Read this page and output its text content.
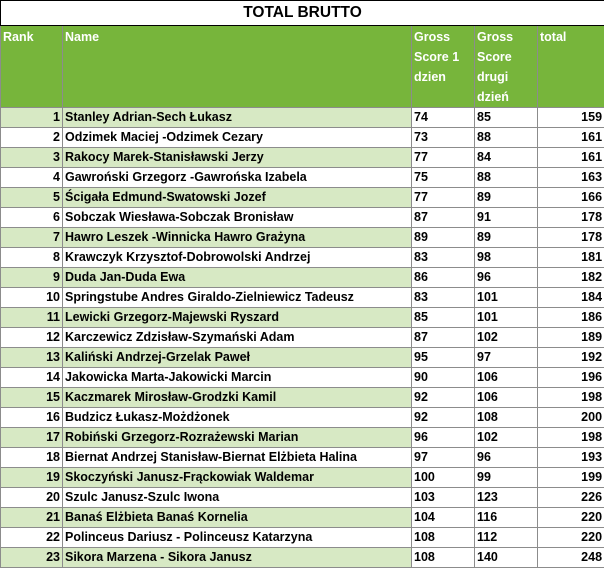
TOTAL BRUTTO				
Rank	Name	Gross Score 1 dzien	Gross Score drugi dzień	total
1	Stanley Adrian-Sech Łukasz	74	85	159
2	Odzimek Maciej -Odzimek Cezary	73	88	161
3	Rakocy Marek-Stanisławski Jerzy	77	84	161
4	Gawroński Grzegorz -Gawrońska Izabela	75	88	163
5	Ścigała Edmund-Swatowski Jozef	77	89	166
6	Sobczak Wiesława-Sobczak Bronisław	87	91	178
7	Hawro Leszek -Winnicka Hawro Grażyna	89	89	178
8	Krawczyk Krzysztof-Dobrowolski Andrzej	83	98	181
9	Duda Jan-Duda Ewa	86	96	182
10	Springstube Andres Giraldo-Zielniewicz Tadeusz	83	101	184
11	Lewicki Grzegorz-Majewski Ryszard	85	101	186
12	Karczewicz Zdzisław-Szymański Adam	87	102	189
13	Kaliński Andrzej-Grzelak Paweł	95	97	192
14	Jakowicka Marta-Jakowicki Marcin	90	106	196
15	Kaczmarek Mirosław-Grodzki Kamil	92	106	198
16	Budzicz Łukasz-Możdżonek	92	108	200
17	Robiński Grzegorz-Rozrażewski Marian	96	102	198
18	Biernat Andrzej Stanisław-Biernat Elżbieta Halina	97	96	193
19	Skoczyński Janusz-Frąckowiak Waldemar	100	99	199
20	Szulc Janusz-Szulc Iwona	103	123	226
21	Banaś Elżbieta Banaś Kornelia	104	116	220
22	Polinceus Dariusz - Polinceusz Katarzyna	108	112	220
23	Sikora Marzena - Sikora Janusz	108	140	248
